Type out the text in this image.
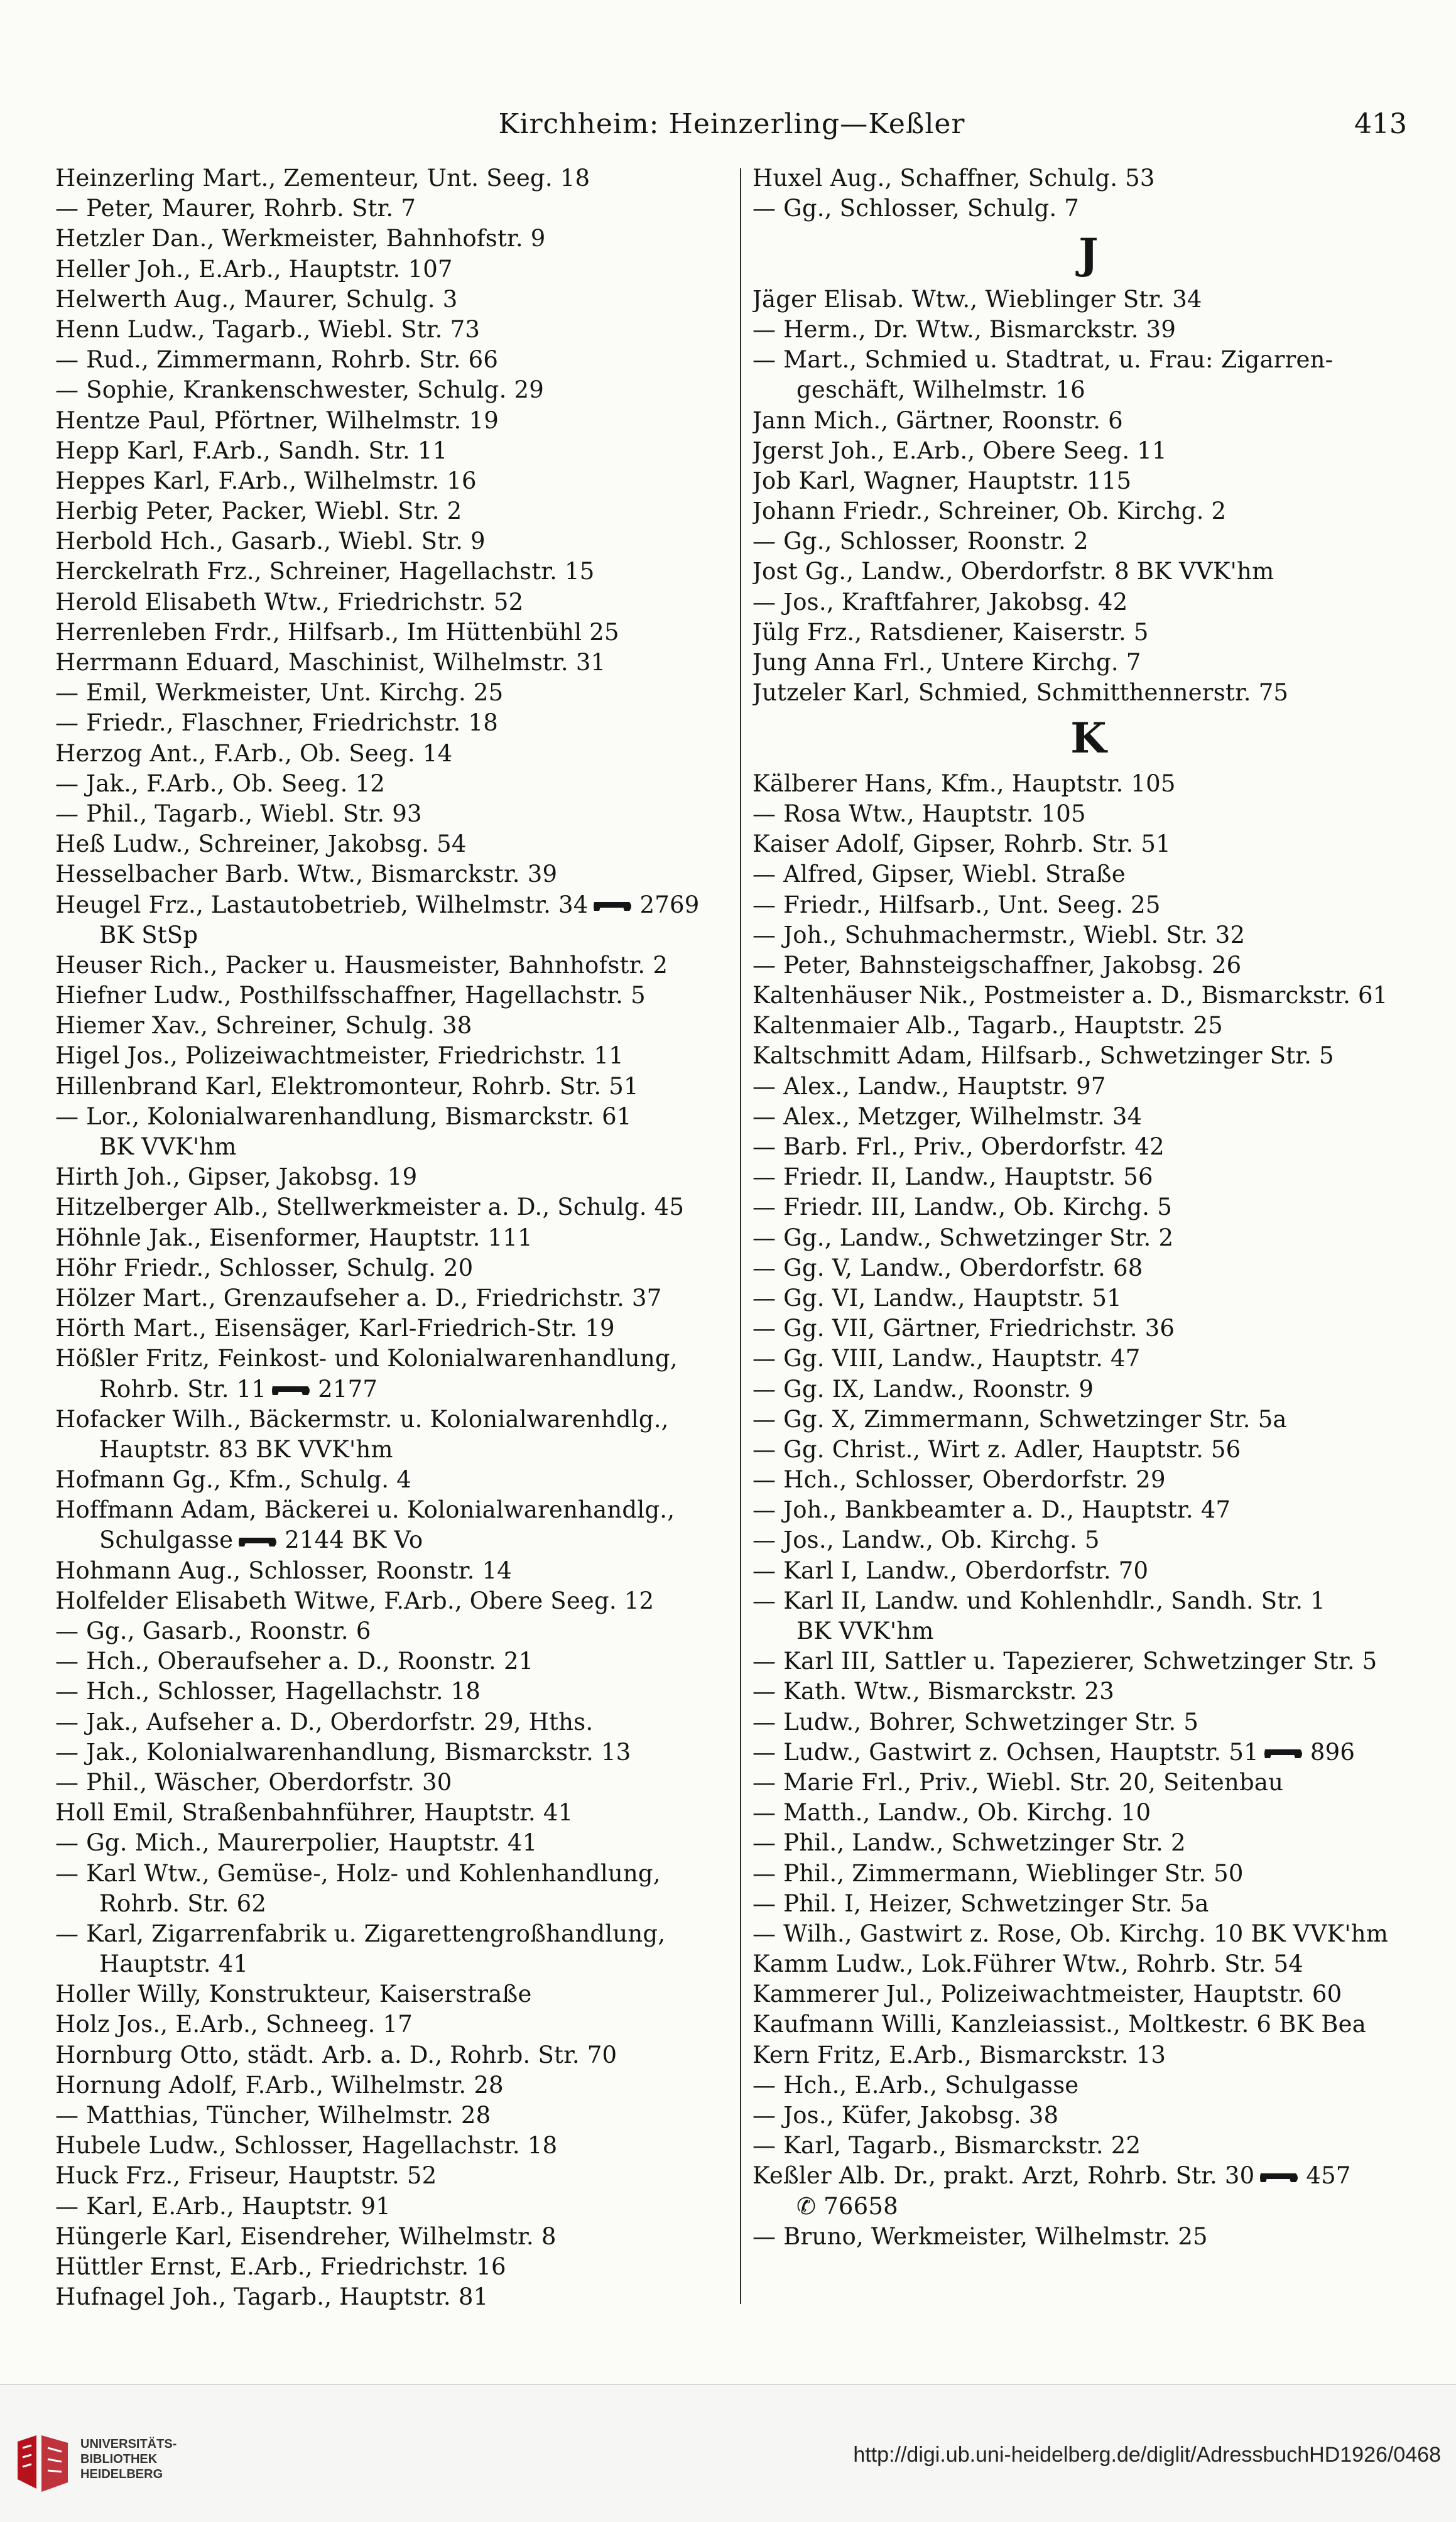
Kirchheim: Heinzerling—Keßler	413
Heinzerling Mart., Zementeur, Unt. Seeg. 18
— Peter, Maurer, Rohrb. Str. 7
Hetzler Dan., Werkmeister, Bahnhofstr. 9
Heller Joh., E.Arb., Hauptstr. 107
Helwerth Aug., Maurer, Schulg. 3
Henn Ludw., Tagarb., Wiebl. Str. 73
— Rud., Zimmermann, Rohrb. Str. 66
— Sophie, Krankenschwester, Schulg. 29
Hentze Paul, Pförtner, Wilhelmstr. 19
Hepp Karl, F.Arb., Sandh. Str. 11
Heppes Karl, F.Arb., Wilhelmstr. 16
Herbig Peter, Packer, Wiebl. Str. 2
Herbold Hch., Gasarb., Wiebl. Str. 9
Herckelrath Frz., Schreiner, Hagellachstr. 15
Herold Elisabeth Wtw., Friedrichstr. 52
Herrenleben Frdr., Hilfsarb., Im Hüttenbühl 25
Herrmann Eduard, Maschinist, Wilhelmstr. 31
— Emil, Werkmeister, Unt. Kirchg. 25
— Friedr., Flaschner, Friedrichstr. 18
Herzog Ant., F.Arb., Ob. Seeg. 14
— Jak., F.Arb., Ob. Seeg. 12
— Phil., Tagarb., Wiebl. Str. 93
Heß Ludw., Schreiner, Jakobsg. 54
Hesselbacher Barb. Wtw., Bismarckstr. 39
Heugel Frz., Lastautobetrieb, Wilhelmstr. 34 2769
BK StSp
Heuser Rich., Packer u. Hausmeister, Bahnhofstr. 2
Hiefner Ludw., Posthilfsschaffner, Hagellachstr. 5
Hiemer Xav., Schreiner, Schulg. 38
Higel Jos., Polizeiwachtmeister, Friedrichstr. 11
Hillenbrand Karl, Elektromonteur, Rohrb. Str. 51
— Lor., Kolonialwarenhandlung, Bismarckstr. 61
BK VVK'hm
Hirth Joh., Gipser, Jakobsg. 19
Hitzelberger Alb., Stellwerkmeister a. D., Schulg. 45
Höhnle Jak., Eisenformer, Hauptstr. 111
Höhr Friedr., Schlosser, Schulg. 20
Hölzer Mart., Grenzaufseher a. D., Friedrichstr. 37
Hörth Mart., Eisensäger, Karl-Friedrich-Str. 19
Hößler Fritz, Feinkost- und Kolonialwarenhandlung,
Rohrb. Str. 11 2177
Hofacker Wilh., Bäckermstr. u. Kolonialwarenhdlg.,
Hauptstr. 83 BK VVK'hm
Hofmann Gg., Kfm., Schulg. 4
Hoffmann Adam, Bäckerei u. Kolonialwarenhandlg.,
Schulgasse 2144 BK Vo
Hohmann Aug., Schlosser, Roonstr. 14
Holfelder Elisabeth Witwe, F.Arb., Obere Seeg. 12
— Gg., Gasarb., Roonstr. 6
— Hch., Oberaufseher a. D., Roonstr. 21
— Hch., Schlosser, Hagellachstr. 18
— Jak., Aufseher a. D., Oberdorfstr. 29, Hths.
— Jak., Kolonialwarenhandlung, Bismarckstr. 13
— Phil., Wäscher, Oberdorfstr. 30
Holl Emil, Straßenbahnführer, Hauptstr. 41
— Gg. Mich., Maurerpolier, Hauptstr. 41
— Karl Wtw., Gemüse-, Holz- und Kohlenhandlung,
Rohrb. Str. 62
— Karl, Zigarrenfabrik u. Zigarettengroßhandlung,
Hauptstr. 41
Holler Willy, Konstrukteur, Kaiserstraße
Holz Jos., E.Arb., Schneeg. 17
Hornburg Otto, städt. Arb. a. D., Rohrb. Str. 70
Hornung Adolf, F.Arb., Wilhelmstr. 28
— Matthias, Tüncher, Wilhelmstr. 28
Hubele Ludw., Schlosser, Hagellachstr. 18
Huck Frz., Friseur, Hauptstr. 52
— Karl, E.Arb., Hauptstr. 91
Hüngerle Karl, Eisendreher, Wilhelmstr. 8
Hüttler Ernst, E.Arb., Friedrichstr. 16
Hufnagel Joh., Tagarb., Hauptstr. 81
Huxel Aug., Schaffner, Schulg. 53
— Gg., Schlosser, Schulg. 7
J
Jäger Elisab. Wtw., Wieblinger Str. 34
— Herm., Dr. Wtw., Bismarckstr. 39
— Mart., Schmied u. Stadtrat, u. Frau: Zigarren-
geschäft, Wilhelmstr. 16
Jann Mich., Gärtner, Roonstr. 6
Jgerst Joh., E.Arb., Obere Seeg. 11
Job Karl, Wagner, Hauptstr. 115
Johann Friedr., Schreiner, Ob. Kirchg. 2
— Gg., Schlosser, Roonstr. 2
Jost Gg., Landw., Oberdorfstr. 8 BK VVK'hm
— Jos., Kraftfahrer, Jakobsg. 42
Jülg Frz., Ratsdiener, Kaiserstr. 5
Jung Anna Frl., Untere Kirchg. 7
Jutzeler Karl, Schmied, Schmitthennerstr. 75
K
Kälberer Hans, Kfm., Hauptstr. 105
— Rosa Wtw., Hauptstr. 105
Kaiser Adolf, Gipser, Rohrb. Str. 51
— Alfred, Gipser, Wiebl. Straße
— Friedr., Hilfsarb., Unt. Seeg. 25
— Joh., Schuhmachermstr., Wiebl. Str. 32
— Peter, Bahnsteigschaffner, Jakobsg. 26
Kaltenhäuser Nik., Postmeister a. D., Bismarckstr. 61
Kaltenmaier Alb., Tagarb., Hauptstr. 25
Kaltschmitt Adam, Hilfsarb., Schwetzinger Str. 5
— Alex., Landw., Hauptstr. 97
— Alex., Metzger, Wilhelmstr. 34
— Barb. Frl., Priv., Oberdorfstr. 42
— Friedr. II, Landw., Hauptstr. 56
— Friedr. III, Landw., Ob. Kirchg. 5
— Gg., Landw., Schwetzinger Str. 2
— Gg. V, Landw., Oberdorfstr. 68
— Gg. VI, Landw., Hauptstr. 51
— Gg. VII, Gärtner, Friedrichstr. 36
— Gg. VIII, Landw., Hauptstr. 47
— Gg. IX, Landw., Roonstr. 9
— Gg. X, Zimmermann, Schwetzinger Str. 5a
— Gg. Christ., Wirt z. Adler, Hauptstr. 56
— Hch., Schlosser, Oberdorfstr. 29
— Joh., Bankbeamter a. D., Hauptstr. 47
— Jos., Landw., Ob. Kirchg. 5
— Karl I, Landw., Oberdorfstr. 70
— Karl II, Landw. und Kohlenhdlr., Sandh. Str. 1
BK VVK'hm
— Karl III, Sattler u. Tapezierer, Schwetzinger Str. 5
— Kath. Wtw., Bismarckstr. 23
— Ludw., Bohrer, Schwetzinger Str. 5
— Ludw., Gastwirt z. Ochsen, Hauptstr. 51 896
— Marie Frl., Priv., Wiebl. Str. 20, Seitenbau
— Matth., Landw., Ob. Kirchg. 10
— Phil., Landw., Schwetzinger Str. 2
— Phil., Zimmermann, Wieblinger Str. 50
— Phil. I, Heizer, Schwetzinger Str. 5a
— Wilh., Gastwirt z. Rose, Ob. Kirchg. 10 BK VVK'hm
Kamm Ludw., Lok.Führer Wtw., Rohrb. Str. 54
Kammerer Jul., Polizeiwachtmeister, Hauptstr. 60
Kaufmann Willi, Kanzleiassist., Moltkestr. 6 BK Bea
Kern Fritz, E.Arb., Bismarckstr. 13
— Hch., E.Arb., Schulgasse
— Jos., Küfer, Jakobsg. 38
— Karl, Tagarb., Bismarckstr. 22
Keßler Alb. Dr., prakt. Arzt, Rohrb. Str. 30 457
✆ 76658
— Bruno, Werkmeister, Wilhelmstr. 25
UNIVERSITÄTS-
BIBLIOTHEK
HEIDELBERG
http://digi.ub.uni-heidelberg.de/diglit/AdressbuchHD1926/0468
